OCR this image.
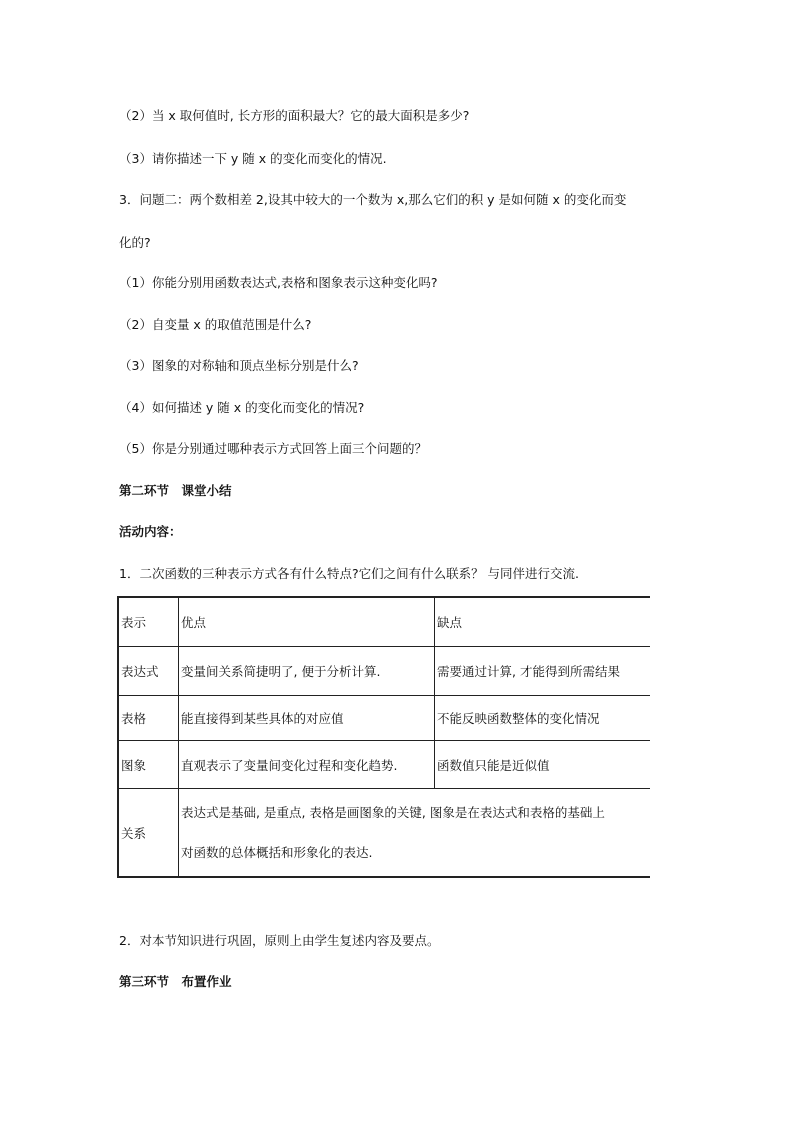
（2）当 x 取何值时, 长方形的面积最大？它的最大面积是多少?
（3）请你描述一下 y 随 x 的变化而变化的情况.
3．问题二：两个数相差 2,设其中较大的一个数为 x,那么它们的积 y 是如何随 x 的变化而变
化的?
（1）你能分别用函数表达式,表格和图象表示这种变化吗?
（2）自变量 x 的取值范围是什么?
（3）图象的对称轴和顶点坐标分别是什么?
（4）如何描述 y 随 x 的变化而变化的情况?
（5）你是分别通过哪种表示方式回答上面三个问题的？
第二环节　课堂小结
活动内容：
1．二次函数的三种表示方式各有什么特点?它们之间有什么联系？ 与同伴进行交流.
表示	优点	缺点
表达式	变量间关系简捷明了, 便于分析计算.	需要通过计算, 才能得到所需结果
表格	能直接得到某些具体的对应值	不能反映函数整体的变化情况
图象	直观表示了变量间变化过程和变化趋势.	函数值只能是近似值
关系	表达式是基础, 是重点, 表格是画图象的关键, 图象是在表达式和表格的基础上
对函数的总体概括和形象化的表达.	
2．对本节知识进行巩固，原则上由学生复述内容及要点。
第三环节　布置作业
